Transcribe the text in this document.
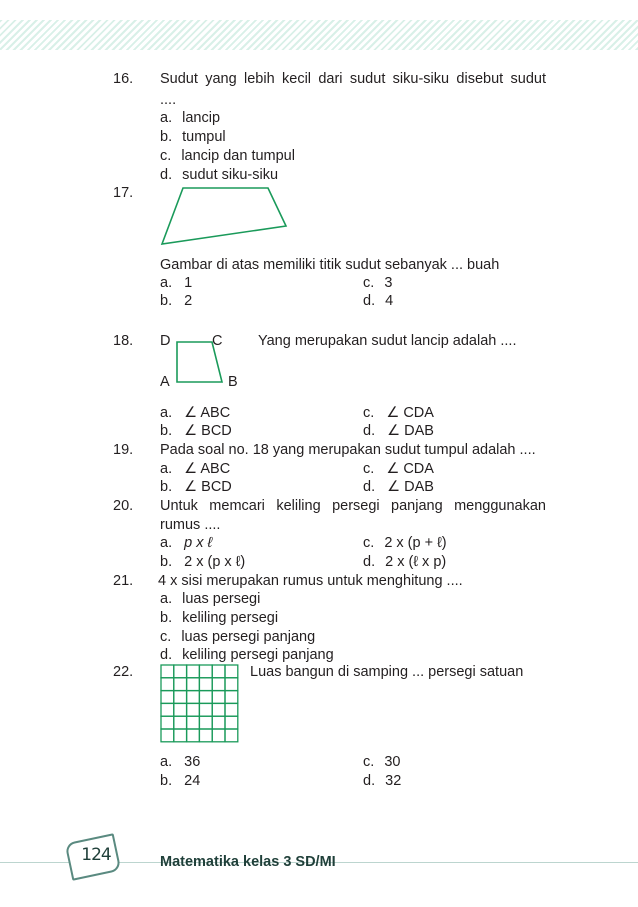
16. Sudut yang lebih kecil dari sudut siku-siku disebut sudut
....
a. lancip
b. tumpul
c. lancip dan tumpul
d. sudut siku-siku
17.
Gambar di atas memiliki titik sudut sebanyak ... buah
a. 1	c. 3
b. 2	d. 4
18. D	C
A	B
Yang merupakan sudut lancip adalah ....
a. ∠ ABC	c. ∠ CDA
b. ∠ BCD	d. ∠ DAB
19. Pada soal no. 18 yang merupakan sudut tumpul adalah ....
a. ∠ ABC	c. ∠ CDA
b. ∠ BCD	d. ∠ DAB
20. Untuk memcari keliling persegi panjang menggunakan
rumus ....
a. p x ℓ	c. 2 x (p + ℓ)
b. 2 x (p x ℓ)	d. 2 x (ℓ x p)
21. 4 x sisi merupakan rumus untuk menghitung ....
a. luas persegi
b. keliling persegi
c. luas persegi panjang
d. keliling persegi panjang
22.	Luas bangun di samping ... persegi satuan
a. 36	c. 30
b. 24	d. 32
124	Matematika kelas 3 SD/MI
